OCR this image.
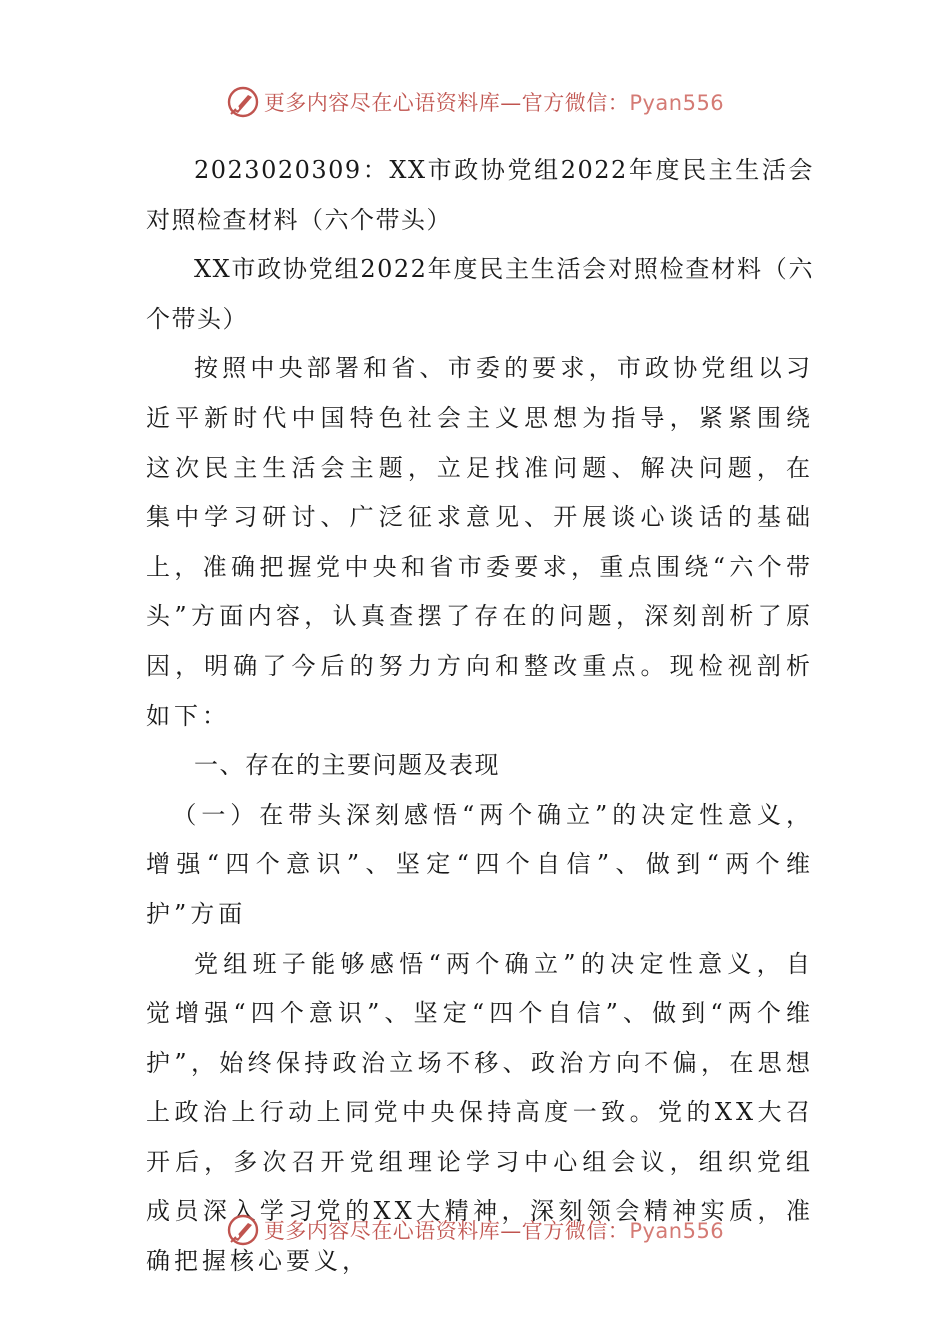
更多内容尽在心语资料库—官方微信：Pyan556

2023020309：XX市政协党组2022年度民主生活会对照检查材料（六个带头）

XX市政协党组2022年度民主生活会对照检查材料（六个带头）

按照中央部署和省、市委的要求，市政协党组以习近平新时代中国特色社会主义思想为指导，紧紧围绕这次民主生活会主题，立足找准问题、解决问题，在集中学习研讨、广泛征求意见、开展谈心谈话的基础上，准确把握党中央和省市委要求，重点围绕“六个带头”方面内容，认真查摆了存在的问题，深刻剖析了原因，明确了今后的努力方向和整改重点。现检视剖析如下：

一、存在的主要问题及表现

（一）在带头深刻感悟“两个确立”的决定性意义，增强“四个意识”、坚定“四个自信”、做到“两个维护”方面

党组班子能够感悟“两个确立”的决定性意义，自觉增强“四个意识”、坚定“四个自信”、做到“两个维护”，始终保持政治立场不移、政治方向不偏，在思想上政治上行动上同党中央保持高度一致。党的XX大召开后，多次召开党组理论学习中心组会议，组织党组成员深入学习党的XX大精神，深刻领会精神实质，准确把握核心要义，

更多内容尽在心语资料库—官方微信：Pyan556
